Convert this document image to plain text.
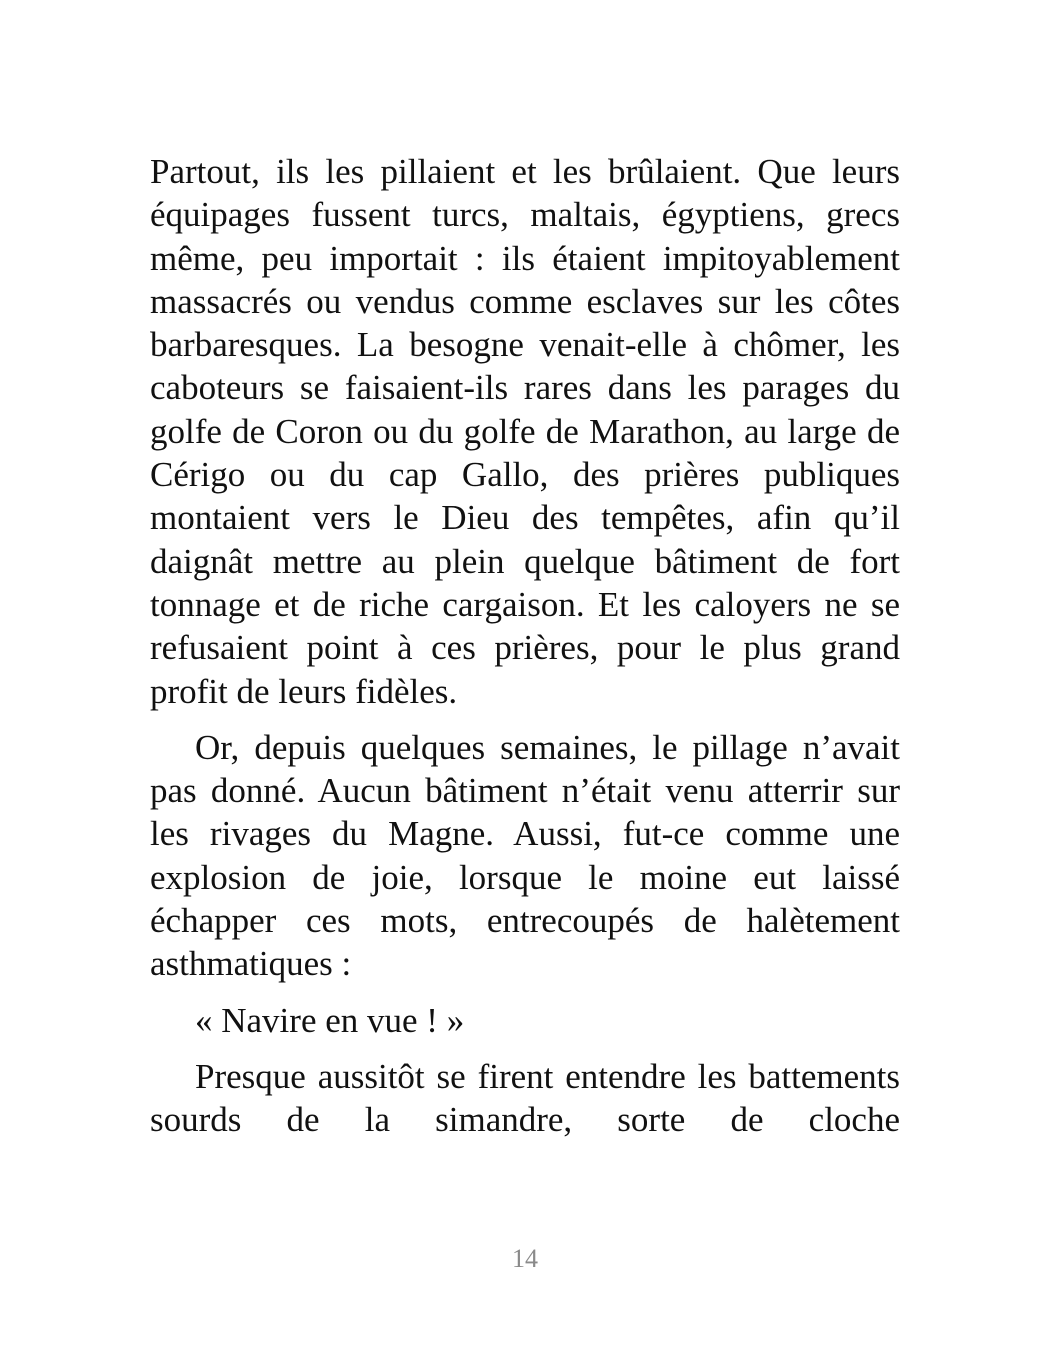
Partout, ils les pillaient et les brûlaient. Que leurs équipages fussent turcs, maltais, égyptiens, grecs même, peu importait : ils étaient impitoyablement massacrés ou vendus comme esclaves sur les côtes barbaresques. La besogne venait-elle à chômer, les caboteurs se faisaient-ils rares dans les parages du golfe de Coron ou du golfe de Marathon, au large de Cérigo ou du cap Gallo, des prières publiques montaient vers le Dieu des tempêtes, afin qu’il daignât mettre au plein quelque bâtiment de fort tonnage et de riche cargaison. Et les caloyers ne se refusaient point à ces prières, pour le plus grand profit de leurs fidèles.

Or, depuis quelques semaines, le pillage n’avait pas donné. Aucun bâtiment n’était venu atterrir sur les rivages du Magne. Aussi, fut-ce comme une explosion de joie, lorsque le moine eut laissé échapper ces mots, entrecoupés de halètement asthmatiques :

« Navire en vue ! »

Presque aussitôt se firent entendre les battements sourds de la simandre, sorte de cloche

14
